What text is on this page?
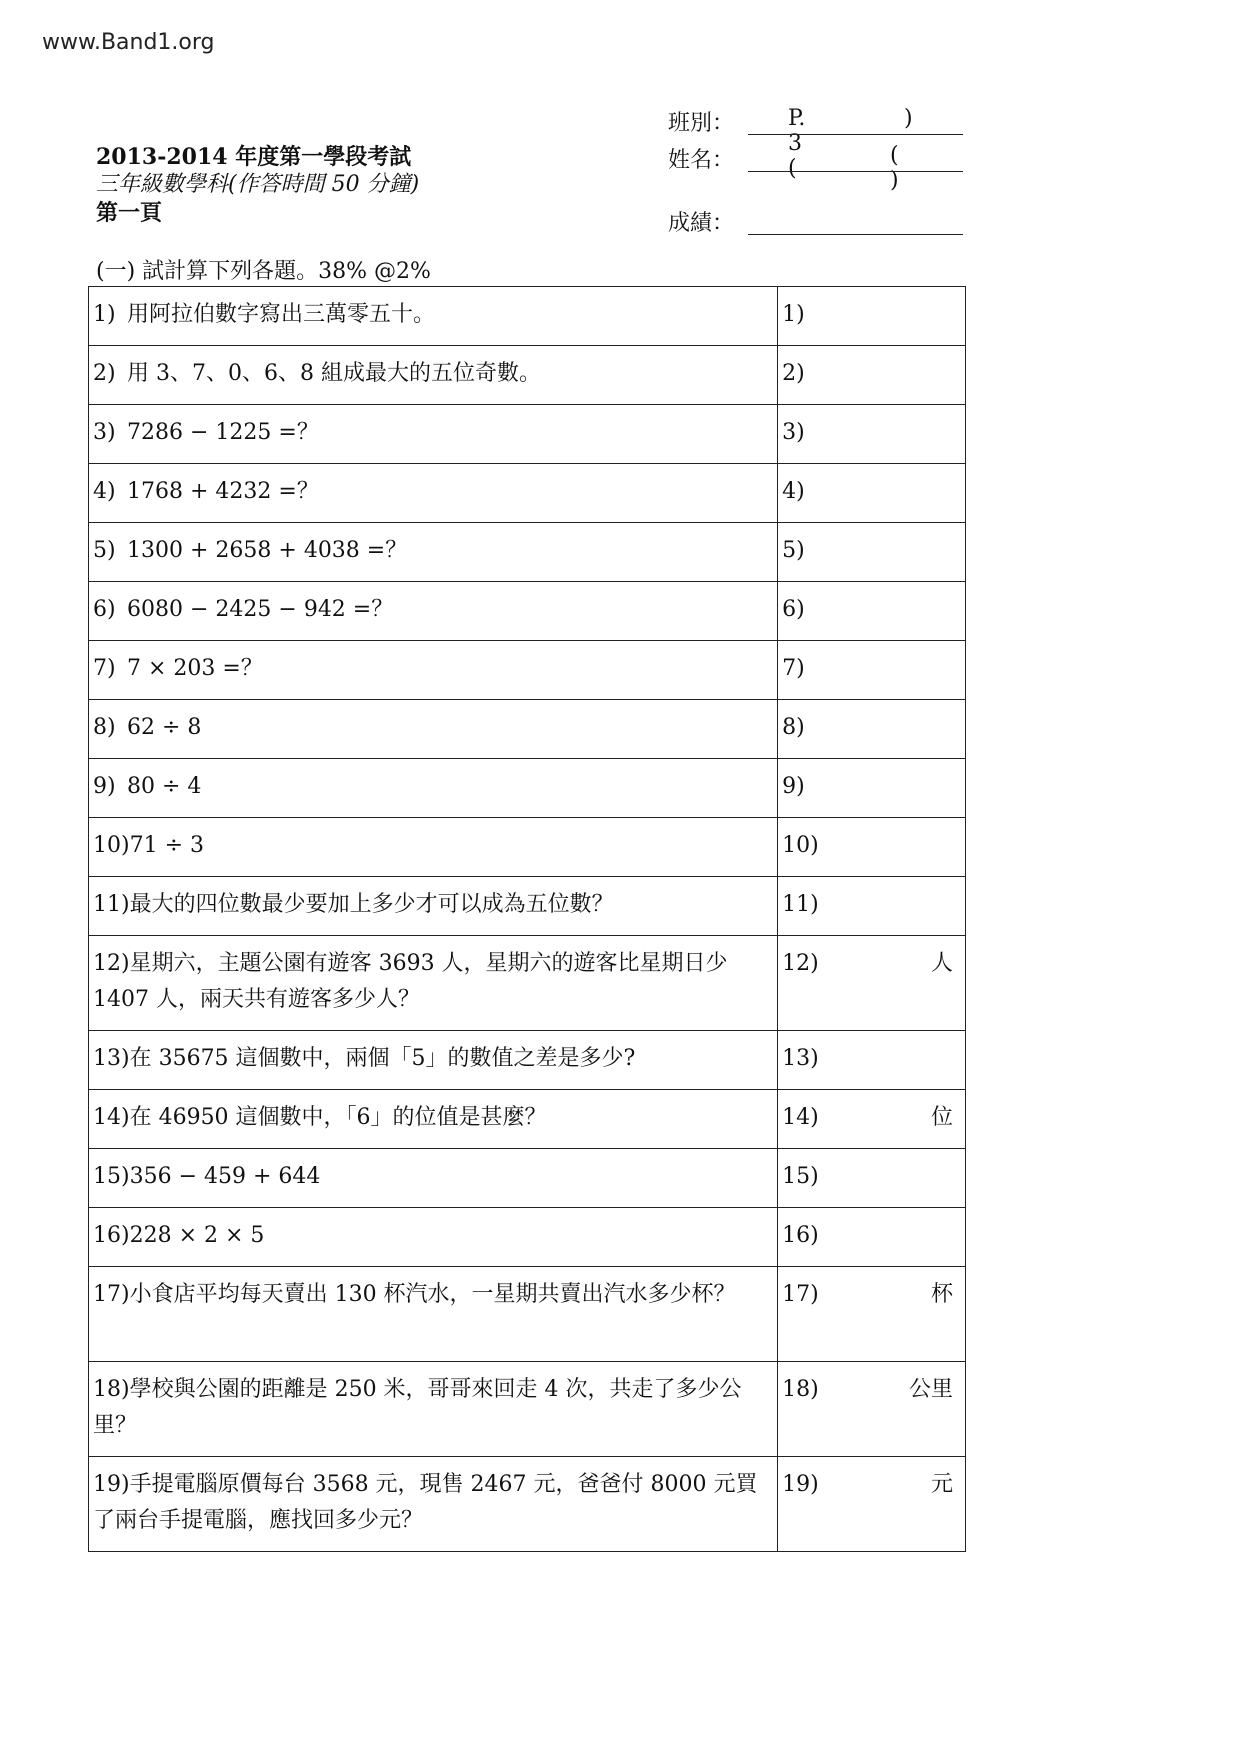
www.Band1.org
2013-2014 年度第一學段考試
三年級數學科(作答時間 50 分鐘)
第一頁
班別： P. 3 (
)
姓名：	( )
成績：
(一) 試計算下列各題。38% @2%
1) 用阿拉伯數字寫出三萬零五十。	1)
2) 用 3、7、0、6、8 組成最大的五位奇數。	2)
3) 7286 − 1225 =？	3)
4) 1768 + 4232 =？	4)
5) 1300 + 2658 + 4038 =？	5)
6) 6080 − 2425 − 942 =？	6)
7) 7 × 203 =？	7)
8) 62 ÷ 8	8)
9) 80 ÷ 4	9)
10)71 ÷ 3	10)
11)最大的四位數最少要加上多少才可以成為五位數？	11)
12)星期六，主題公園有遊客 3693 人，星期六的遊客比星期日少 1407 人，兩天共有遊客多少人？	12) 人

13)在 35675 這個數中，兩個「5」的數值之差是多少?	13)
14)在 46950 這個數中，「6」的位值是甚麼？	14) 位

15)356 − 459 + 644	15)
16)228 × 2 × 5	16)
17)小食店平均每天賣出 130 杯汽水，一星期共賣出汽水多少杯？	17) 杯

18)學校與公園的距離是 250 米，哥哥來回走 4 次，共走了多少公里？	18) 公里

19)手提電腦原價每台 3568 元，現售 2467 元，爸爸付 8000 元買了兩台手提電腦，應找回多少元？	19) 元
